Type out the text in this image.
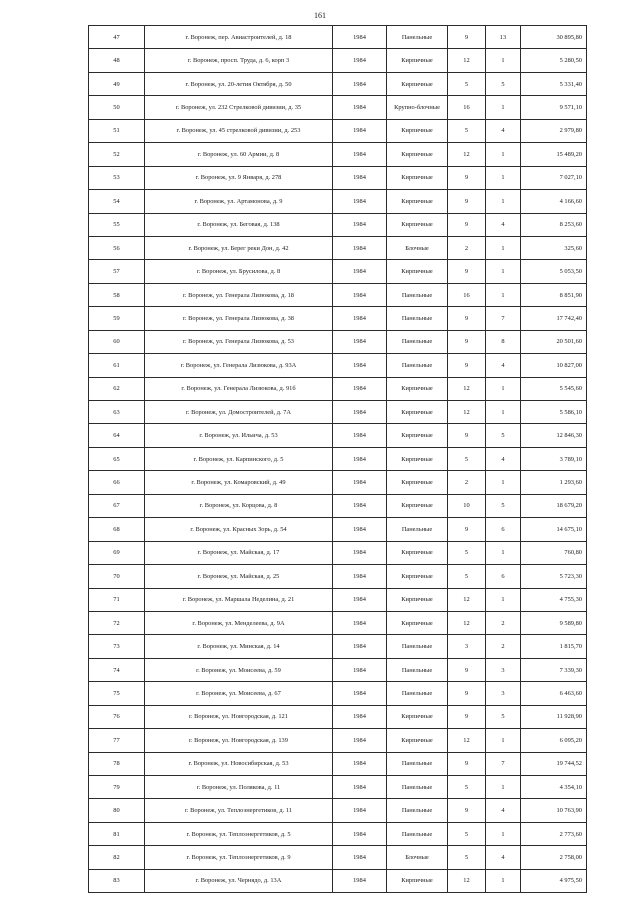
161
47	г. Воронеж, пер. Авиастроителей, д. 18	1984	Панельные	9	13	30 895,80
48	г. Воронеж, просп. Труда, д. 6, корп 3	1984	Кирпичные	12	1	5 280,50
49	г. Воронеж, ул. 20-летия Октября, д. 50	1984	Кирпичные	5	5	5 331,40
50	г. Воронеж, ул. 232 Стрелковой дивизии, д. 35	1984	Крупно-блочные	16	1	9 571,10
51	г. Воронеж, ул. 45 стрелковой дивизии, д. 253	1984	Кирпичные	5	4	2 979,80
52	г. Воронеж, ул. 60 Армии, д. 8	1984	Кирпичные	12	1	15 489,20
53	г. Воронеж, ул. 9 Января, д. 278	1984	Кирпичные	9	1	7 027,10
54	г. Воронеж, ул. Артамонова, д. 9	1984	Кирпичные	9	1	4 166,60
55	г. Воронеж, ул. Беговая, д. 138	1984	Кирпичные	9	4	8 253,60
56	г. Воронеж, ул. Берег реки Дон, д. 42	1984	Блочные	2	1	325,60
57	г. Воронеж, ул. Брусилова, д. 8	1984	Кирпичные	9	1	5 053,50
58	г. Воронеж, ул. Генерала Лизюкова, д. 18	1984	Панельные	16	1	8 851,90
59	г. Воронеж, ул. Генерала Лизюкова, д. 38	1984	Панельные	9	7	17 742,40
60	г. Воронеж, ул. Генерала Лизюкова, д. 53	1984	Панельные	9	8	20 501,60
61	г. Воронеж, ул. Генерала Лизюкова, д. 93А	1984	Панельные	9	4	10 827,00
62	г. Воронеж, ул. Генерала Лизюкова, д. 91б	1984	Кирпичные	12	1	5 545,60
63	г. Воронеж, ул. Домостроителей, д. 7А	1984	Кирпичные	12	1	5 586,10
64	г. Воронеж, ул. Ильича, д. 53	1984	Кирпичные	9	5	12 846,30
65	г. Воронеж, ул. Карпинского, д. 5	1984	Кирпичные	5	4	3 789,10
66	г. Воронеж, ул. Комаровский, д. 49	1984	Кирпичные	2	1	1 293,60
67	г. Воронеж, ул. Корцова, д. 8	1984	Кирпичные	10	5	18 679,20
68	г. Воронеж, ул. Красных Зорь, д. 54	1984	Панельные	9	6	14 675,10
69	г. Воронеж, ул. Майская, д. 17	1984	Кирпичные	5	1	760,80
70	г. Воронеж, ул. Майская, д. 25	1984	Кирпичные	5	6	5 723,30
71	г. Воронеж, ул. Маршала Неделина, д. 21	1984	Кирпичные	12	1	4 755,30
72	г. Воронеж, ул. Менделеева, д. 9А	1984	Кирпичные	12	2	9 589,80
73	г. Воронеж, ул. Минская, д. 14	1984	Панельные	3	2	1 815,70
74	г. Воронеж, ул. Моисеева, д. 59	1984	Панельные	9	3	7 339,30
75	г. Воронеж, ул. Моисеева, д. 67	1984	Панельные	9	3	6 463,60
76	г. Воронеж, ул. Новгородская, д. 121	1984	Кирпичные	9	5	11 928,90
77	г. Воронеж, ул. Новгородская, д. 139	1984	Кирпичные	12	1	6 095,20
78	г. Воронеж, ул. Новосибирская, д. 53	1984	Панельные	9	7	19 744,52
79	г. Воронеж, ул. Полякова, д. 11	1984	Панельные	5	1	4 354,10
80	г. Воронеж, ул. Теплоэнергетиков, д. 11	1984	Панельные	9	4	10 763,90
81	г. Воронеж, ул. Теплоэнергетиков, д. 5	1984	Панельные	5	1	2 773,60
82	г. Воронеж, ул. Теплоэнергетиков, д. 9	1984	Блочные	5	4	2 758,00
83	г. Воронеж, ул. Чернядо, д. 13А	1984	Кирпичные	12	1	4 975,50
